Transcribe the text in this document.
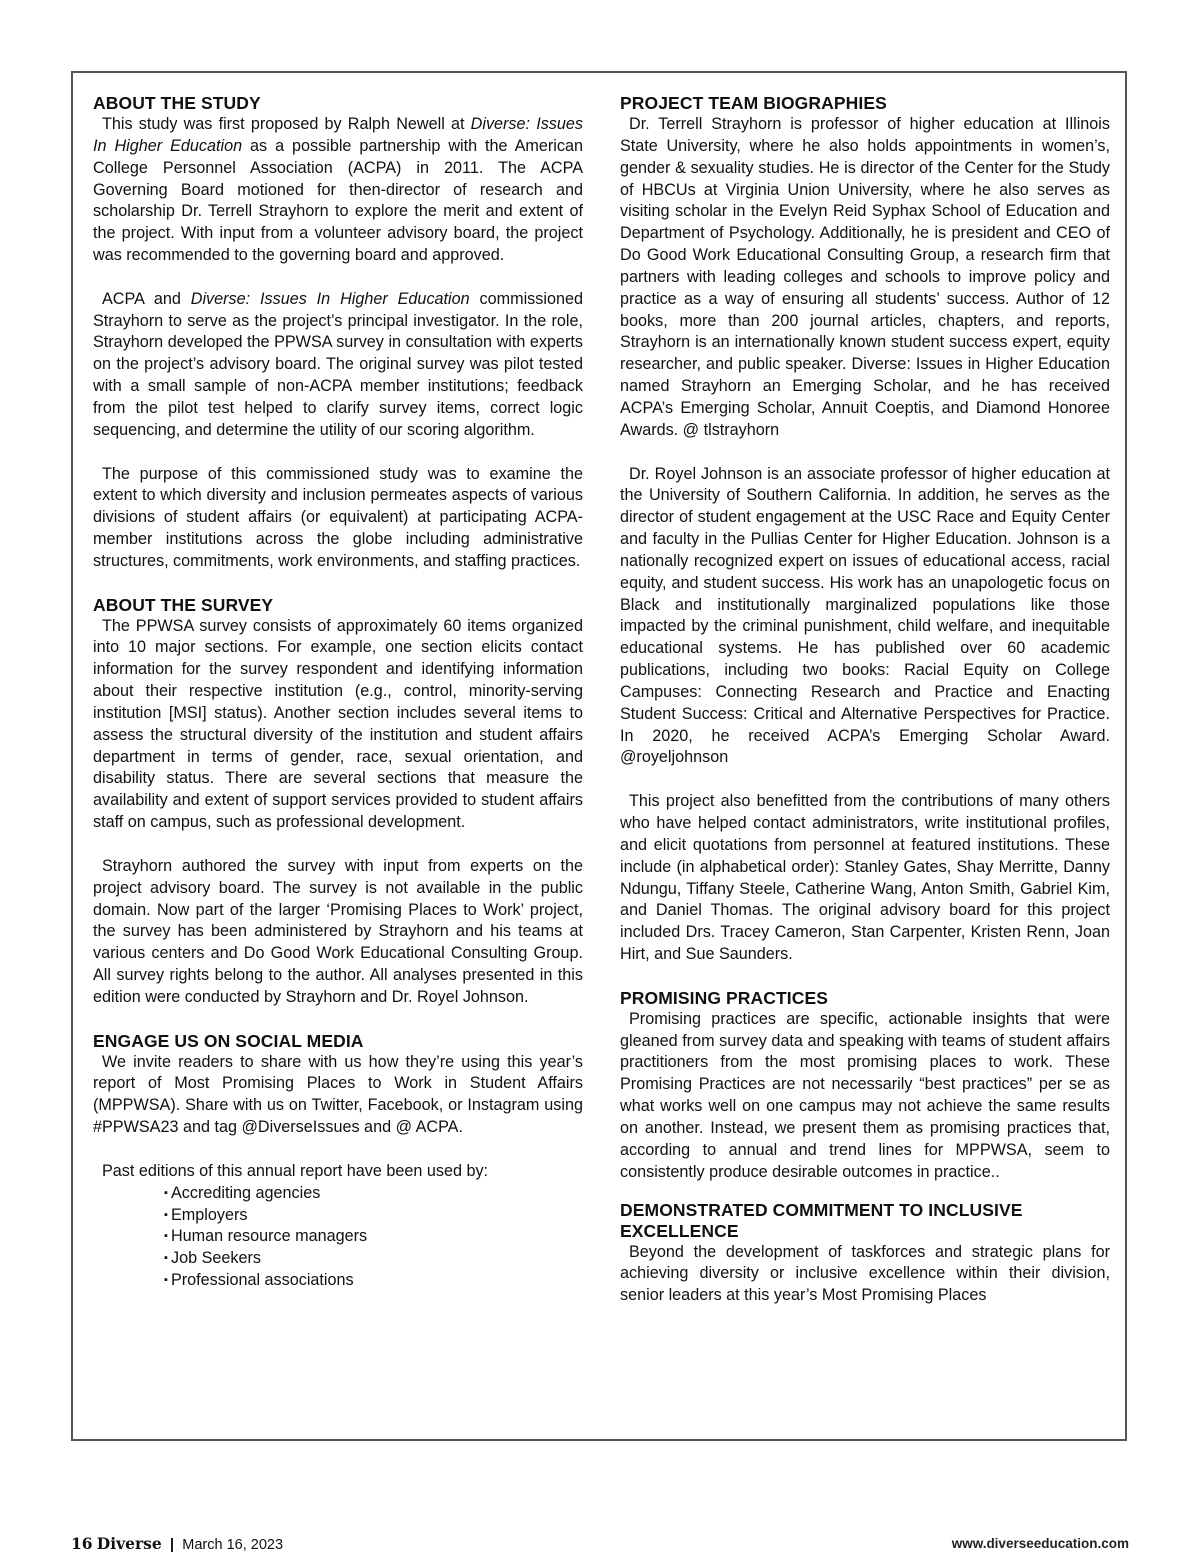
ABOUT THE STUDY

This study was first proposed by Ralph Newell at Diverse: Issues In Higher Education as a possible partnership with the American College Personnel Association (ACPA) in 2011. The ACPA Governing Board motioned for then-director of research and scholarship Dr. Terrell Strayhorn to explore the merit and extent of the project. With input from a volunteer advisory board, the project was recommended to the governing board and approved.

ACPA and Diverse: Issues In Higher Education commissioned Strayhorn to serve as the project’s principal investigator. In the role, Strayhorn developed the PPWSA survey in consultation with experts on the project’s advisory board. The original survey was pilot tested with a small sample of non-ACPA member institutions; feedback from the pilot test helped to clarify survey items, correct logic sequencing, and determine the utility of our scoring algorithm.

The purpose of this commissioned study was to examine the extent to which diversity and inclusion permeates aspects of various divisions of student affairs (or equivalent) at participating ACPA-member institutions across the globe including administrative structures, commitments, work environments, and staffing practices.

ABOUT THE SURVEY

The PPWSA survey consists of approximately 60 items organized into 10 major sections. For example, one section elicits contact information for the survey respondent and identifying information about their respective institution (e.g., control, minority-serving institution [MSI] status). Another section includes several items to assess the structural diversity of the institution and student affairs department in terms of gender, race, sexual orientation, and disability status. There are several sections that measure the availability and extent of support services provided to student affairs staff on campus, such as professional development.

Strayhorn authored the survey with input from experts on the project advisory board. The survey is not available in the public domain. Now part of the larger ‘Promising Places to Work’ project, the survey has been administered by Strayhorn and his teams at various centers and Do Good Work Educational Consulting Group. All survey rights belong to the author. All analyses presented in this edition were conducted by Strayhorn and Dr. Royel Johnson.

ENGAGE US ON SOCIAL MEDIA

We invite readers to share with us how they’re using this year’s report of Most Promising Places to Work in Student Affairs (MPPWSA). Share with us on Twitter, Facebook, or Instagram using #PPWSA23 and tag @DiverseIssues and @ ACPA.

Past editions of this annual report have been used by:

▪ Accrediting agencies
▪ Employers
▪ Human resource managers
▪ Job Seekers
▪ Professional associations
PROJECT TEAM BIOGRAPHIES

Dr. Terrell Strayhorn is professor of higher education at Illinois State University, where he also holds appointments in women’s, gender & sexuality studies. He is director of the Center for the Study of HBCUs at Virginia Union University, where he also serves as visiting scholar in the Evelyn Reid Syphax School of Education and Department of Psychology. Additionally, he is president and CEO of Do Good Work Educational Consulting Group, a research firm that partners with leading colleges and schools to improve policy and practice as a way of ensuring all students’ success. Author of 12 books, more than 200 journal articles, chapters, and reports, Strayhorn is an internationally known student success expert, equity researcher, and public speaker. Diverse: Issues in Higher Education named Strayhorn an Emerging Scholar, and he has received ACPA’s Emerging Scholar, Annuit Coeptis, and Diamond Honoree Awards. @ tlstrayhorn

Dr. Royel Johnson is an associate professor of higher education at the University of Southern California. In addition, he serves as the director of student engagement at the USC Race and Equity Center and faculty in the Pullias Center for Higher Education. Johnson is a nationally recognized expert on issues of educational access, racial equity, and student success. His work has an unapologetic focus on Black and institutionally marginalized populations like those impacted by the criminal punishment, child welfare, and inequitable educational systems. He has published over 60 academic publications, including two books: Racial Equity on College Campuses: Connecting Research and Practice and Enacting Student Success: Critical and Alternative Perspectives for Practice. In 2020, he received ACPA’s Emerging Scholar Award. @royeljohnson

This project also benefitted from the contributions of many others who have helped contact administrators, write institutional profiles, and elicit quotations from personnel at featured institutions. These include (in alphabetical order): Stanley Gates, Shay Merritte, Danny Ndungu, Tiffany Steele, Catherine Wang, Anton Smith, Gabriel Kim, and Daniel Thomas. The original advisory board for this project included Drs. Tracey Cameron, Stan Carpenter, Kristen Renn, Joan Hirt, and Sue Saunders.

PROMISING PRACTICES

Promising practices are specific, actionable insights that were gleaned from survey data and speaking with teams of student affairs practitioners from the most promising places to work. These Promising Practices are not necessarily “best practices” per se as what works well on one campus may not achieve the same results on another. Instead, we present them as promising practices that, according to annual and trend lines for MPPWSA, seem to consistently produce desirable outcomes in practice..

DEMONSTRATED COMMITMENT TO INCLUSIVE EXCELLENCE

Beyond the development of taskforces and strategic plans for achieving diversity or inclusive excellence within their division, senior leaders at this year’s Most Promising Places

16 Diverse | March 16, 2023	www.diverseeducation.com
